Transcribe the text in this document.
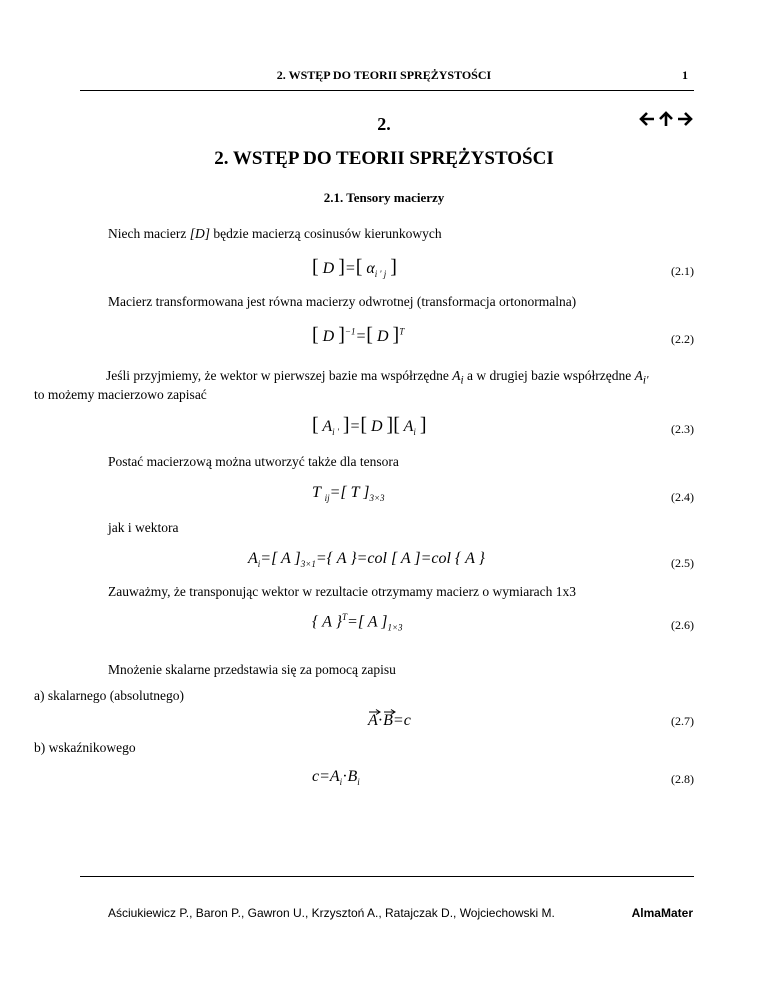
2. WSTĘP DO TEORII SPRĘŻYSTOŚCI	1
2.
2. WSTĘP DO TEORII SPRĘŻYSTOŚCI
2.1. Tensory macierzy
Niech macierz [D] będzie macierzą cosinusów kierunkowych
[ D ]=[ $\alpha_{i ' j}$ ]	(2.1)
Macierz transformowana jest równa macierzy odwrotnej (transformacja ortonormalna)
[ D ]$^{-1}$=[ D ]$^T$
(2.2)
Jeśli przyjmiemy, że wektor w pierwszej bazie ma współrzędne $A_i$ a w drugiej bazie współrzędne $A_{i'}$
to możemy macierzowo zapisać
[ $A_{i '}$ ]=[ D ][ $A_i$ ]	(2.3)
Postać macierzową można utworzyć także dla tensora
T $_{ij}$=[ T ]$_{3\times 3}$	(2.4)
jak i wektora
$A_i=$[ A ]$_{3\times 1}=${ A }=col [ A ]=col { A }	(2.5)
Zauważmy, że transponując wektor w rezultacie otrzymamy macierz o wymiarach 1x3
{ A }$^T$=[ A ]$_{1\times 3}$	(2.6)
Mnożenie skalarne przedstawia się za pomocą zapisu
a) skalarnego (absolutnego)
A
·B
=c	(2.7)
b) wskaźnikowego
$c=A_i\cdot B_i$	(2.8)
Aściukiewicz P., Baron P., Gawron U., Krzysztoń A., Ratajczak D., Wojciechowski M.	AlmaMater
